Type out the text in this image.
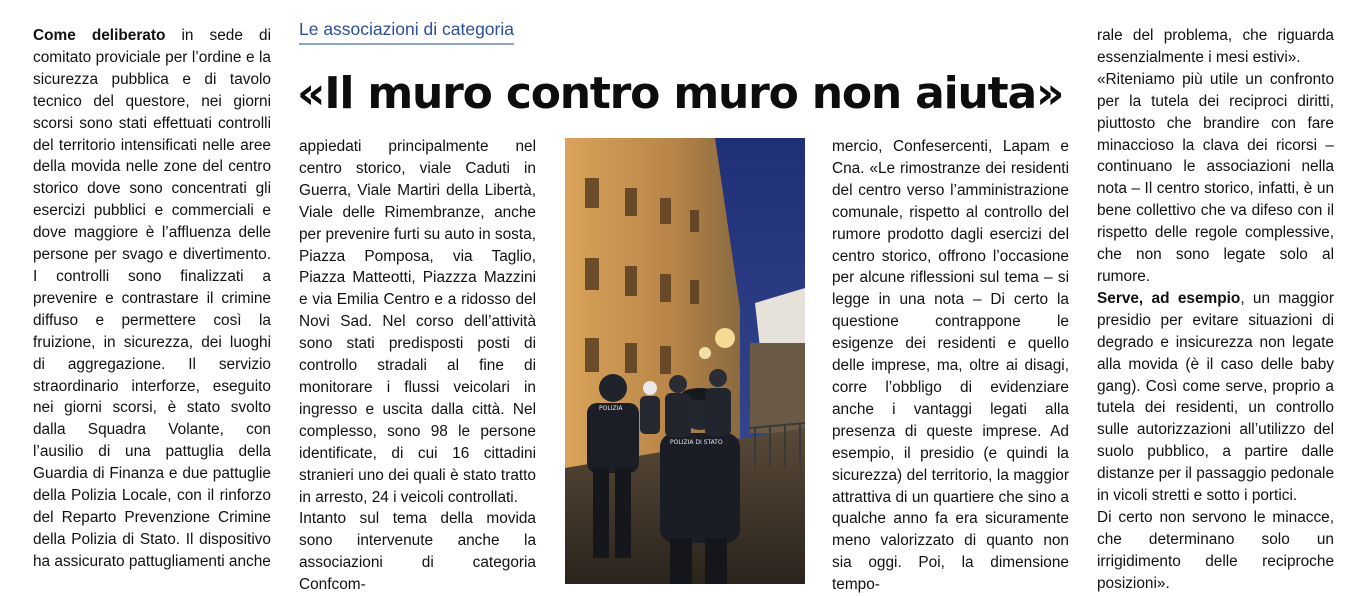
Le associazioni di categoria
«Il muro contro muro non aiuta»

Come deliberato in sede di comitato proviciale per l’ordine e la sicurezza pubblica e di tavolo tecnico del questore, nei giorni scorsi sono stati effettuati controlli del territorio intensificati nelle aree della movida nelle zone del centro storico dove sono concentrati gli esercizi pubblici e commerciali e dove maggiore è l’affluenza delle persone per svago e divertimento. I controlli sono finalizzati a prevenire e contrastare il crimine diffuso e permettere così la fruizione, in sicurezza, dei luoghi di aggregazione. Il servizio straordinario interforze, eseguito nei giorni scorsi, è stato svolto dalla Squadra Volante, con l’ausilio di una pattuglia della Guardia di Finanza e due pattuglie della Polizia Locale, con il rinforzo del Reparto Prevenzione Crimine della Polizia di Stato. Il dispositivo ha assicurato pattugliamenti anche

appiedati principalmente nel centro storico, viale Caduti in Guerra, Viale Martiri della Libertà, Viale delle Rimembranze, anche per prevenire furti su auto in sosta, Piazza Pomposa, via Taglio, Piazza Matteotti, Piazzza Mazzini e via Emilia Centro e a ridosso del Novi Sad. Nel corso dell’attività sono stati predisposti posti di controllo stradali al fine di monitorare i flussi veicolari in ingresso e uscita dalla città. Nel complesso, sono 98 le persone identificate, di cui 16 cittadini stranieri uno dei quali è stato tratto in arresto, 24 i veicoli controllati.

Intanto sul tema della movida sono intervenute anche la associazioni di categoria Confcom-

POLIZIA
POLIZIA DI STATO

mercio, Confesercenti, Lapam e Cna. «Le rimostranze dei residenti del centro verso l’amministrazione comunale, rispetto al controllo del rumore prodotto dagli esercizi del centro storico, offrono l’occasione per alcune riflessioni sul tema – si legge in una nota – Di certo la questione contrappone le esigenze dei residenti e quello delle imprese, ma, oltre ai disagi, corre l’obbligo di evidenziare anche i vantaggi legati alla presenza di queste imprese. Ad esempio, il presidio (e quindi la sicurezza) del territorio, la maggior attrattiva di un quartiere che sino a qualche anno fa era sicuramente meno valorizzato di quanto non sia oggi. Poi, la dimensione tempo-

rale del problema, che riguarda essenzialmente i mesi estivi».

«Riteniamo più utile un confronto per la tutela dei reciproci diritti, piuttosto che brandire con fare minaccioso la clava dei ricorsi – continuano le associazioni nella nota – Il centro storico, infatti, è un bene collettivo che va difeso con il rispetto delle regole complessive, che non sono legate solo al rumore.

Serve, ad esempio, un maggior presidio per evitare situazioni di degrado e insicurezza non legate alla movida (è il caso delle baby gang). Così come serve, proprio a tutela dei residenti, un controllo sulle autorizzazioni all’utilizzo del suolo pubblico, a partire dalle distanze per il passaggio pedonale in vicoli stretti e sotto i portici.

Di certo non servono le minacce, che determinano solo un irrigidimento delle reciproche posizioni».
